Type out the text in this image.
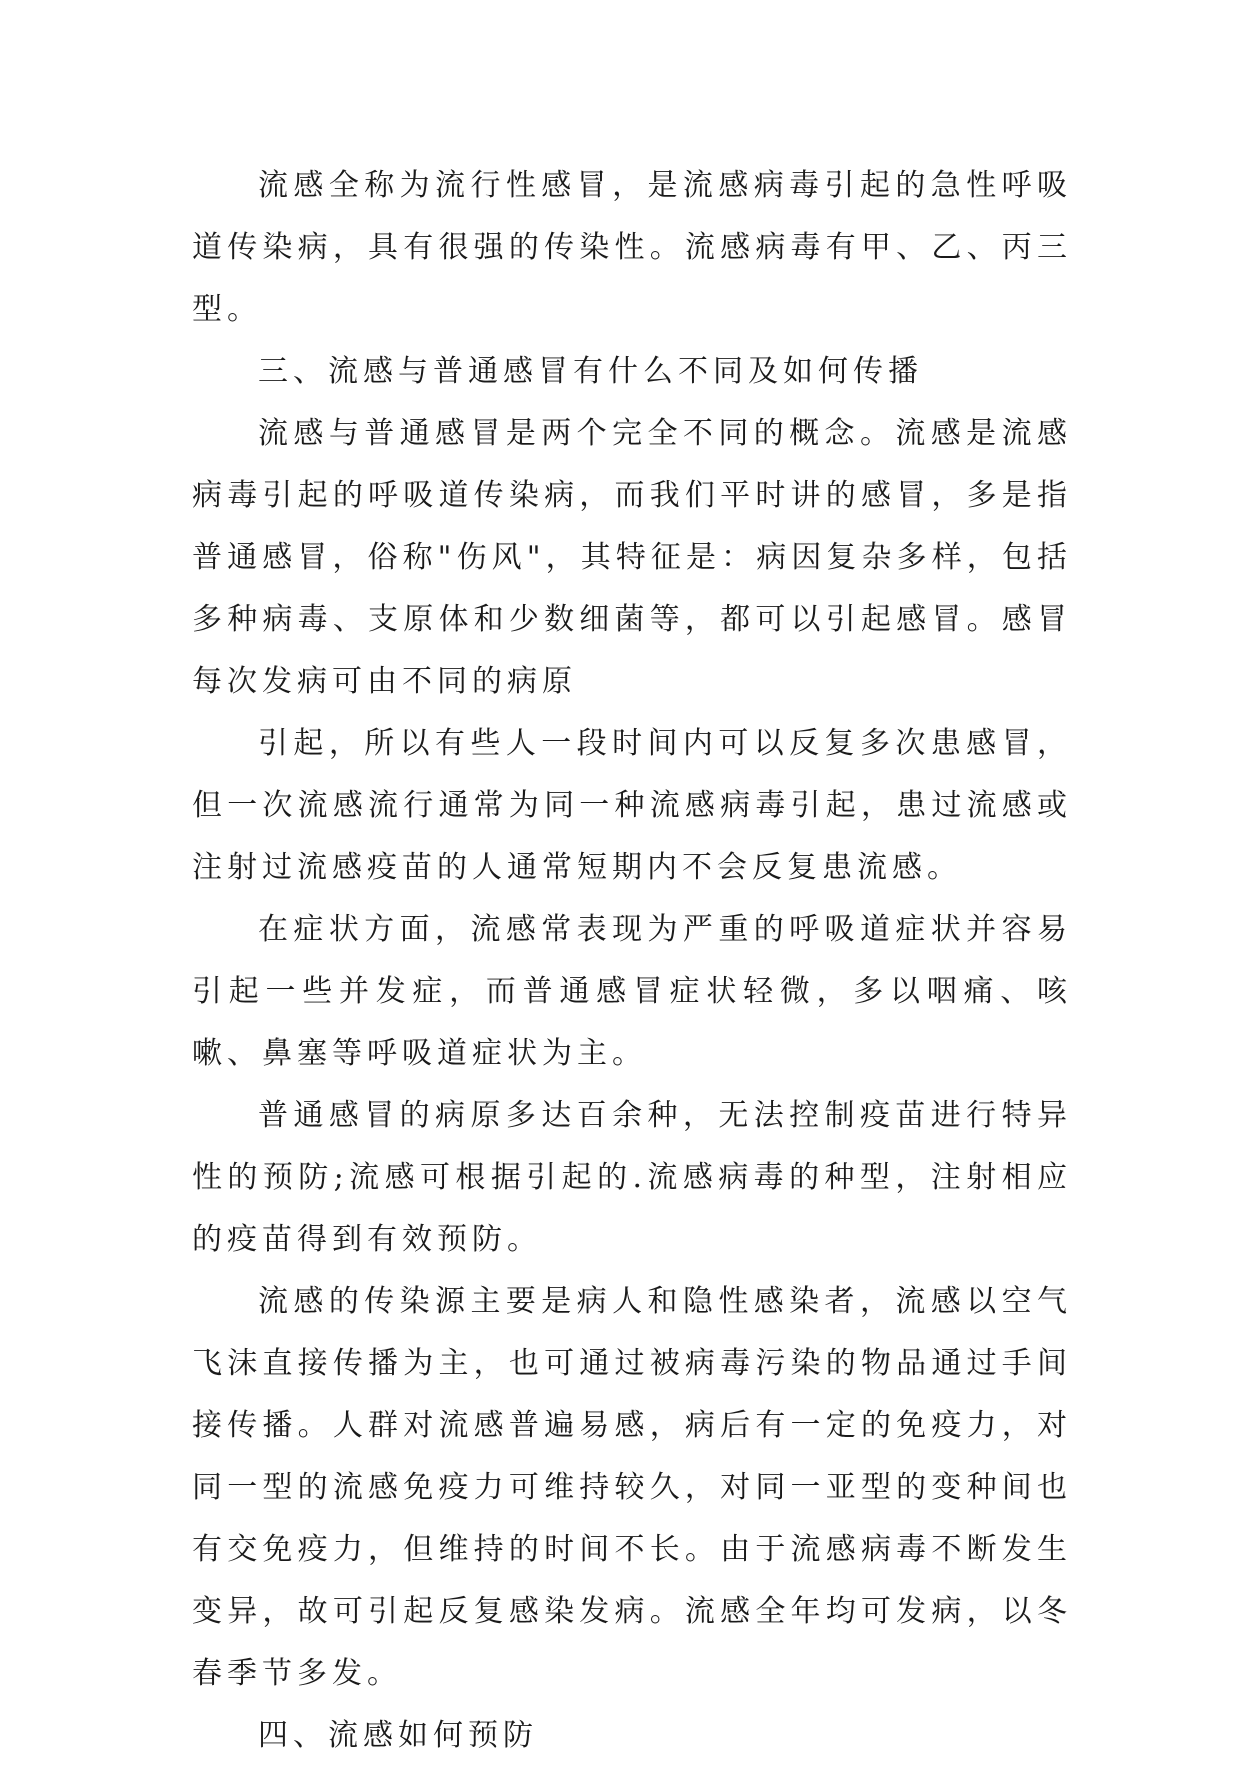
流感全称为流行性感冒，是流感病毒引起的急性呼吸道传染病，具有很强的传染性。流感病毒有甲、乙、丙三型。

三、流感与普通感冒有什么不同及如何传播

流感与普通感冒是两个完全不同的概念。流感是流感病毒引起的呼吸道传染病，而我们平时讲的感冒，多是指普通感冒，俗称"伤风"，其特征是：病因复杂多样，包括多种病毒、支原体和少数细菌等，都可以引起感冒。感冒每次发病可由不同的病原

引起，所以有些人一段时间内可以反复多次患感冒，但一次流感流行通常为同一种流感病毒引起，患过流感或注射过流感疫苗的人通常短期内不会反复患流感。

在症状方面，流感常表现为严重的呼吸道症状并容易引起一些并发症，而普通感冒症状轻微，多以咽痛、咳嗽、鼻塞等呼吸道症状为主。

普通感冒的病原多达百余种，无法控制疫苗进行特异性的预防;流感可根据引起的.流感病毒的种型，注射相应的疫苗得到有效预防。

流感的传染源主要是病人和隐性感染者，流感以空气飞沫直接传播为主，也可通过被病毒污染的物品通过手间接传播。人群对流感普遍易感，病后有一定的免疫力，对同一型的流感免疫力可维持较久，对同一亚型的变种间也有交免疫力，但维持的时间不长。由于流感病毒不断发生变异，故可引起反复感染发病。流感全年均可发病，以冬春季节多发。

四、流感如何预防
